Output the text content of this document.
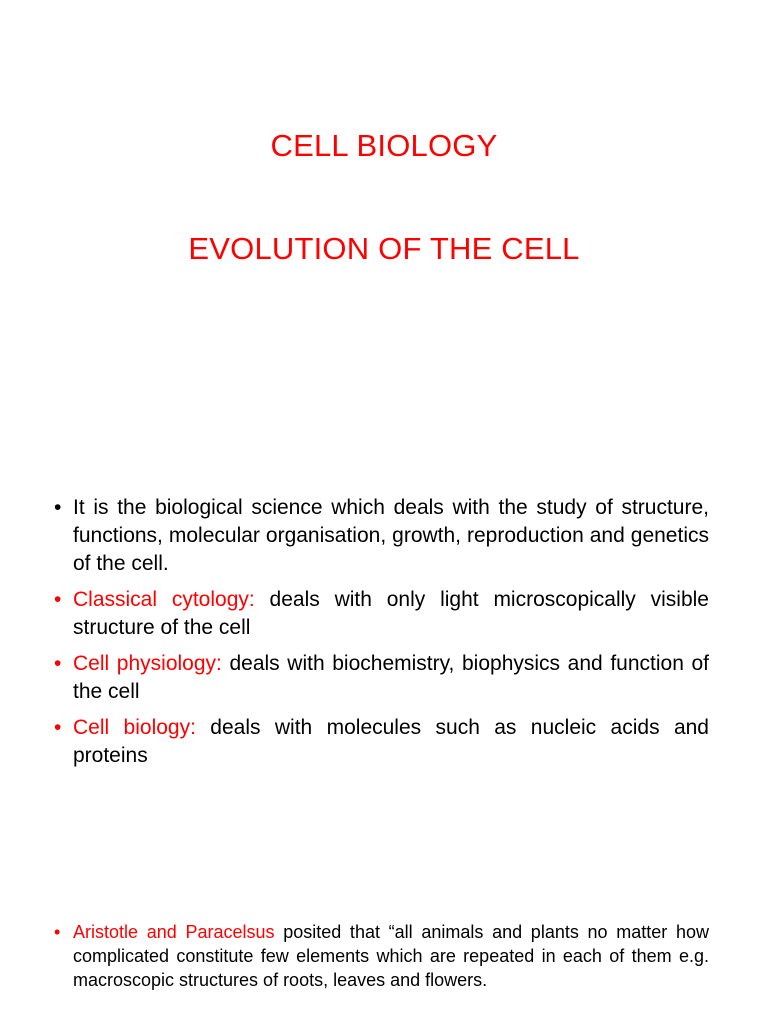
CELL BIOLOGY
EVOLUTION OF THE CELL
• It is the biological science which deals with the study of structure, functions, molecular organisation, growth, reproduction and genetics of the cell.
• Classical cytology: deals with only light microscopically visible structure of the cell
• Cell physiology: deals with biochemistry, biophysics and function of the cell
• Cell biology: deals with molecules such as nucleic acids and proteins
• Aristotle and Paracelsus posited that “all animals and plants no matter how complicated constitute few elements which are repeated in each of them e.g. macroscopic structures of roots, leaves and flowers.
